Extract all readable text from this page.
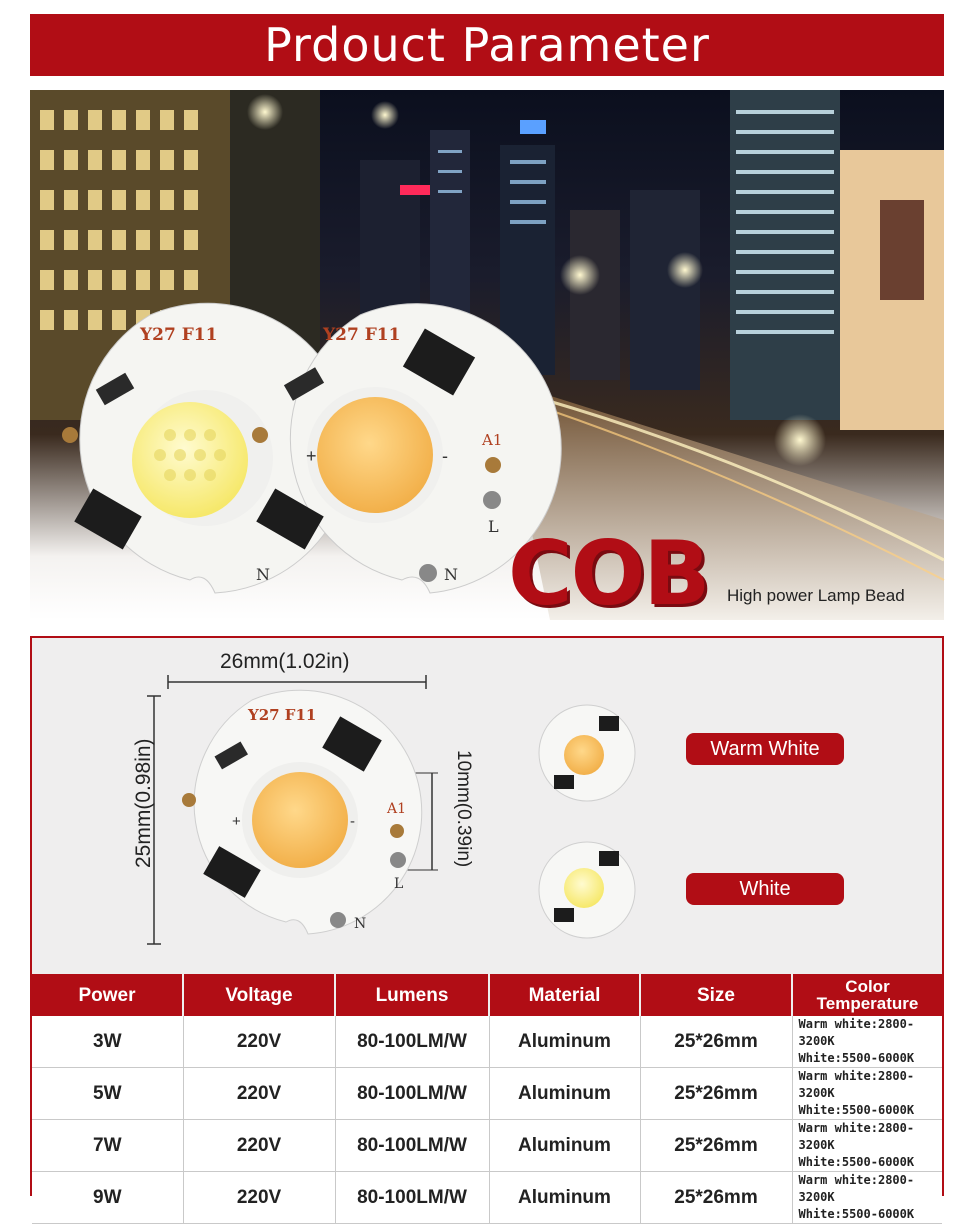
Prdouct Parameter
Y27 F11	Y27 F11
A1
L
N
+	-
N	COB High power Lamp Bead
Y27 F11
A1
L
N
+	-
26mm(1.02in)
25mm(0.98in)	10mm(0.39in)
Warm White
White
Power	Voltage	Lumens	Material	Size	Color Temperature
3W	220V	80-100LM/W	Aluminum	25*26mm	Warm white:2800-3200K
White:5500-6000K

5W	220V	80-100LM/W	Aluminum	25*26mm	Warm white:2800-3200K
White:5500-6000K

7W	220V	80-100LM/W	Aluminum	25*26mm	Warm white:2800-3200K
White:5500-6000K

9W	220V	80-100LM/W	Aluminum	25*26mm	Warm white:2800-3200K
White:5500-6000K
